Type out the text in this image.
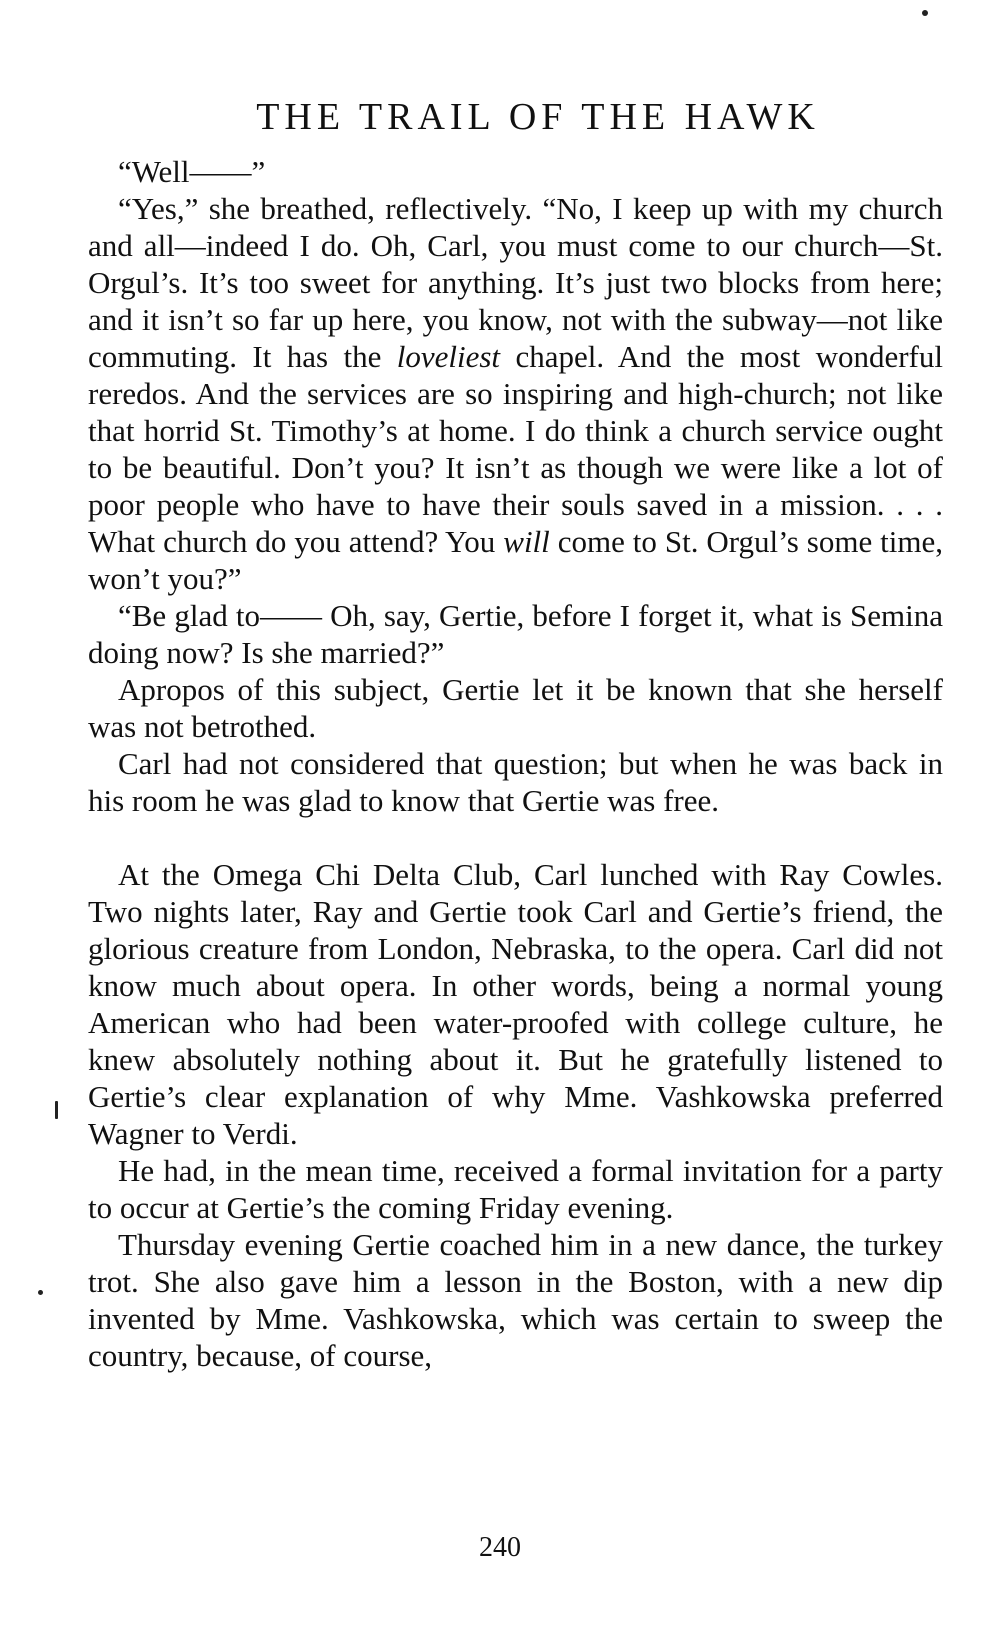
THE TRAIL OF THE HAWK

“Well——”

“Yes,” she breathed, reflectively. “No, I keep up with my church and all—indeed I do. Oh, Carl, you must come to our church—St. Orgul’s. It’s too sweet for anything. It’s just two blocks from here; and it isn’t so far up here, you know, not with the subway—not like commuting. It has the loveliest chapel. And the most wonderful reredos. And the services are so inspiring and high-church; not like that horrid St. Timothy’s at home. I do think a church service ought to be beautiful. Don’t you? It isn’t as though we were like a lot of poor people who have to have their souls saved in a mission. . . . What church do you attend? You will come to St. Orgul’s some time, won’t you?”

“Be glad to—— Oh, say, Gertie, before I forget it, what is Semina doing now? Is she married?”

Apropos of this subject, Gertie let it be known that she herself was not betrothed.

Carl had not considered that question; but when he was back in his room he was glad to know that Gertie was free.

At the Omega Chi Delta Club, Carl lunched with Ray Cowles. Two nights later, Ray and Gertie took Carl and Gertie’s friend, the glorious creature from London, Nebraska, to the opera. Carl did not know much about opera. In other words, being a normal young American who had been water-proofed with college culture, he knew absolutely nothing about it. But he gratefully listened to Gertie’s clear explanation of why Mme. Vashkowska preferred Wagner to Verdi.

He had, in the mean time, received a formal invitation for a party to occur at Gertie’s the coming Friday evening.

Thursday evening Gertie coached him in a new dance, the turkey trot. She also gave him a lesson in the Boston, with a new dip invented by Mme. Vashkowska, which was certain to sweep the country, because, of course,

240
